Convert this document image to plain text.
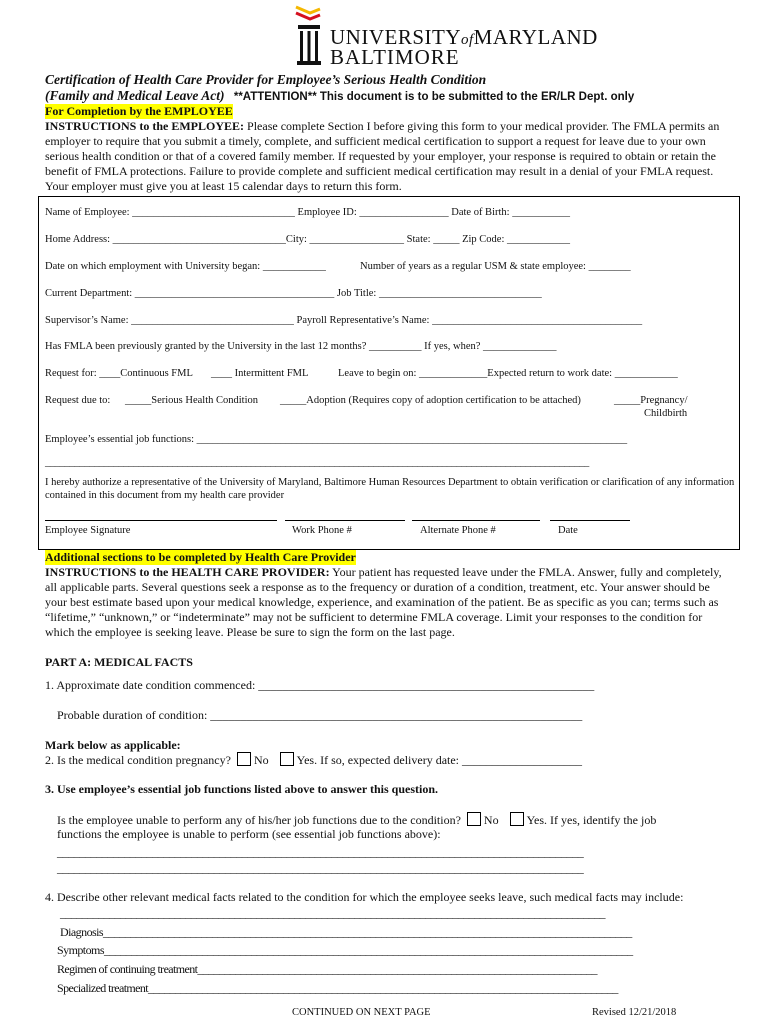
UNIVERSITYofMARYLAND
BALTIMORE
Certification of Health Care Provider for Employee’s Serious Health Condition
(Family and Medical Leave Act) **ATTENTION** This document is to be submitted to the ER/LR Dept. only
For Completion by the EMPLOYEE
INSTRUCTIONS to the EMPLOYEE: Please complete Section I before giving this form to your medical provider. The FMLA permits an employer to require that you submit a timely, complete, and sufficient medical certification to support a request for leave due to your own serious health condition or that of a covered family member. If requested by your employer, your response is required to obtain or retain the benefit of FMLA protections. Failure to provide complete and sufficient medical certification may result in a denial of your FMLA request. Your employer must give you at least 15 calendar days to return this form.
Name of Employee: _______________________________ Employee ID: _________________ Date of Birth: ___________
Home Address: _________________________________City: __________________ State: _____ Zip Code: ____________
Date on which employment with University began: ____________	Number of years as a regular USM & state employee: ________
Current Department: ______________________________________ Job Title: _______________________________
Supervisor’s Name: _______________________________ Payroll Representative’s Name: ________________________________________
Has FMLA been previously granted by the University in the last 12 months? __________ If yes, when? ______________
Request for: ____Continuous FML ____ Intermittent FML	Leave to begin on: _____________Expected return to work date: ____________
Request due to: _____Serious Health Condition _____Adoption (Requires copy of adoption certification to be attached)	_____Pregnancy/
Childbirth
Employee’s essential job functions: __________________________________________________________________________________
_______________________________________________________________________________________________________________
I hereby authorize a representative of the University of Maryland, Baltimore Human Resources Department to obtain verification or clarification of any information contained in this document from my health care provider
Employee Signature	Work Phone #	Alternate Phone #	Date
Additional sections to be completed by Health Care Provider
INSTRUCTIONS to the HEALTH CARE PROVIDER: Your patient has requested leave under the FMLA. Answer, fully and completely, all applicable parts. Several questions seek a response as to the frequency or duration of a condition, treatment, etc. Your answer should be your best estimate based upon your medical knowledge, experience, and examination of the patient. Be as specific as you can; terms such as “lifetime,” “unknown,” or “indeterminate” may not be sufficient to determine FMLA coverage. Limit your responses to the condition for which the employee is seeking leave. Please be sure to sign the form on the last page.
PART A: MEDICAL FACTS
1. Approximate date condition commenced: ________________________________________________________
Probable duration of condition: ______________________________________________________________
Mark below as applicable:
2. Is the medical condition pregnancy? No Yes. If so, expected delivery date: ____________________
3. Use employee’s essential job functions listed above to answer this question.
Is the employee unable to perform any of his/her job functions due to the condition? No Yes. If yes, identify the job
functions the employee is unable to perform (see essential job functions above):
______________________________________________________________________________________________
______________________________________________________________________________________________
4. Describe other relevant medical facts related to the condition for which the employee seeks leave, such medical facts may include:
____________________________________________________________________________________________________
Diagnosis_________________________________________________________________________________________________
Symptoms_________________________________________________________________________________________________
Regimen of continuing treatment__________________________________________________________________________
Specialized treatment_______________________________________________________________________________________
CONTINUED ON NEXT PAGE	Revised 12/21/2018
